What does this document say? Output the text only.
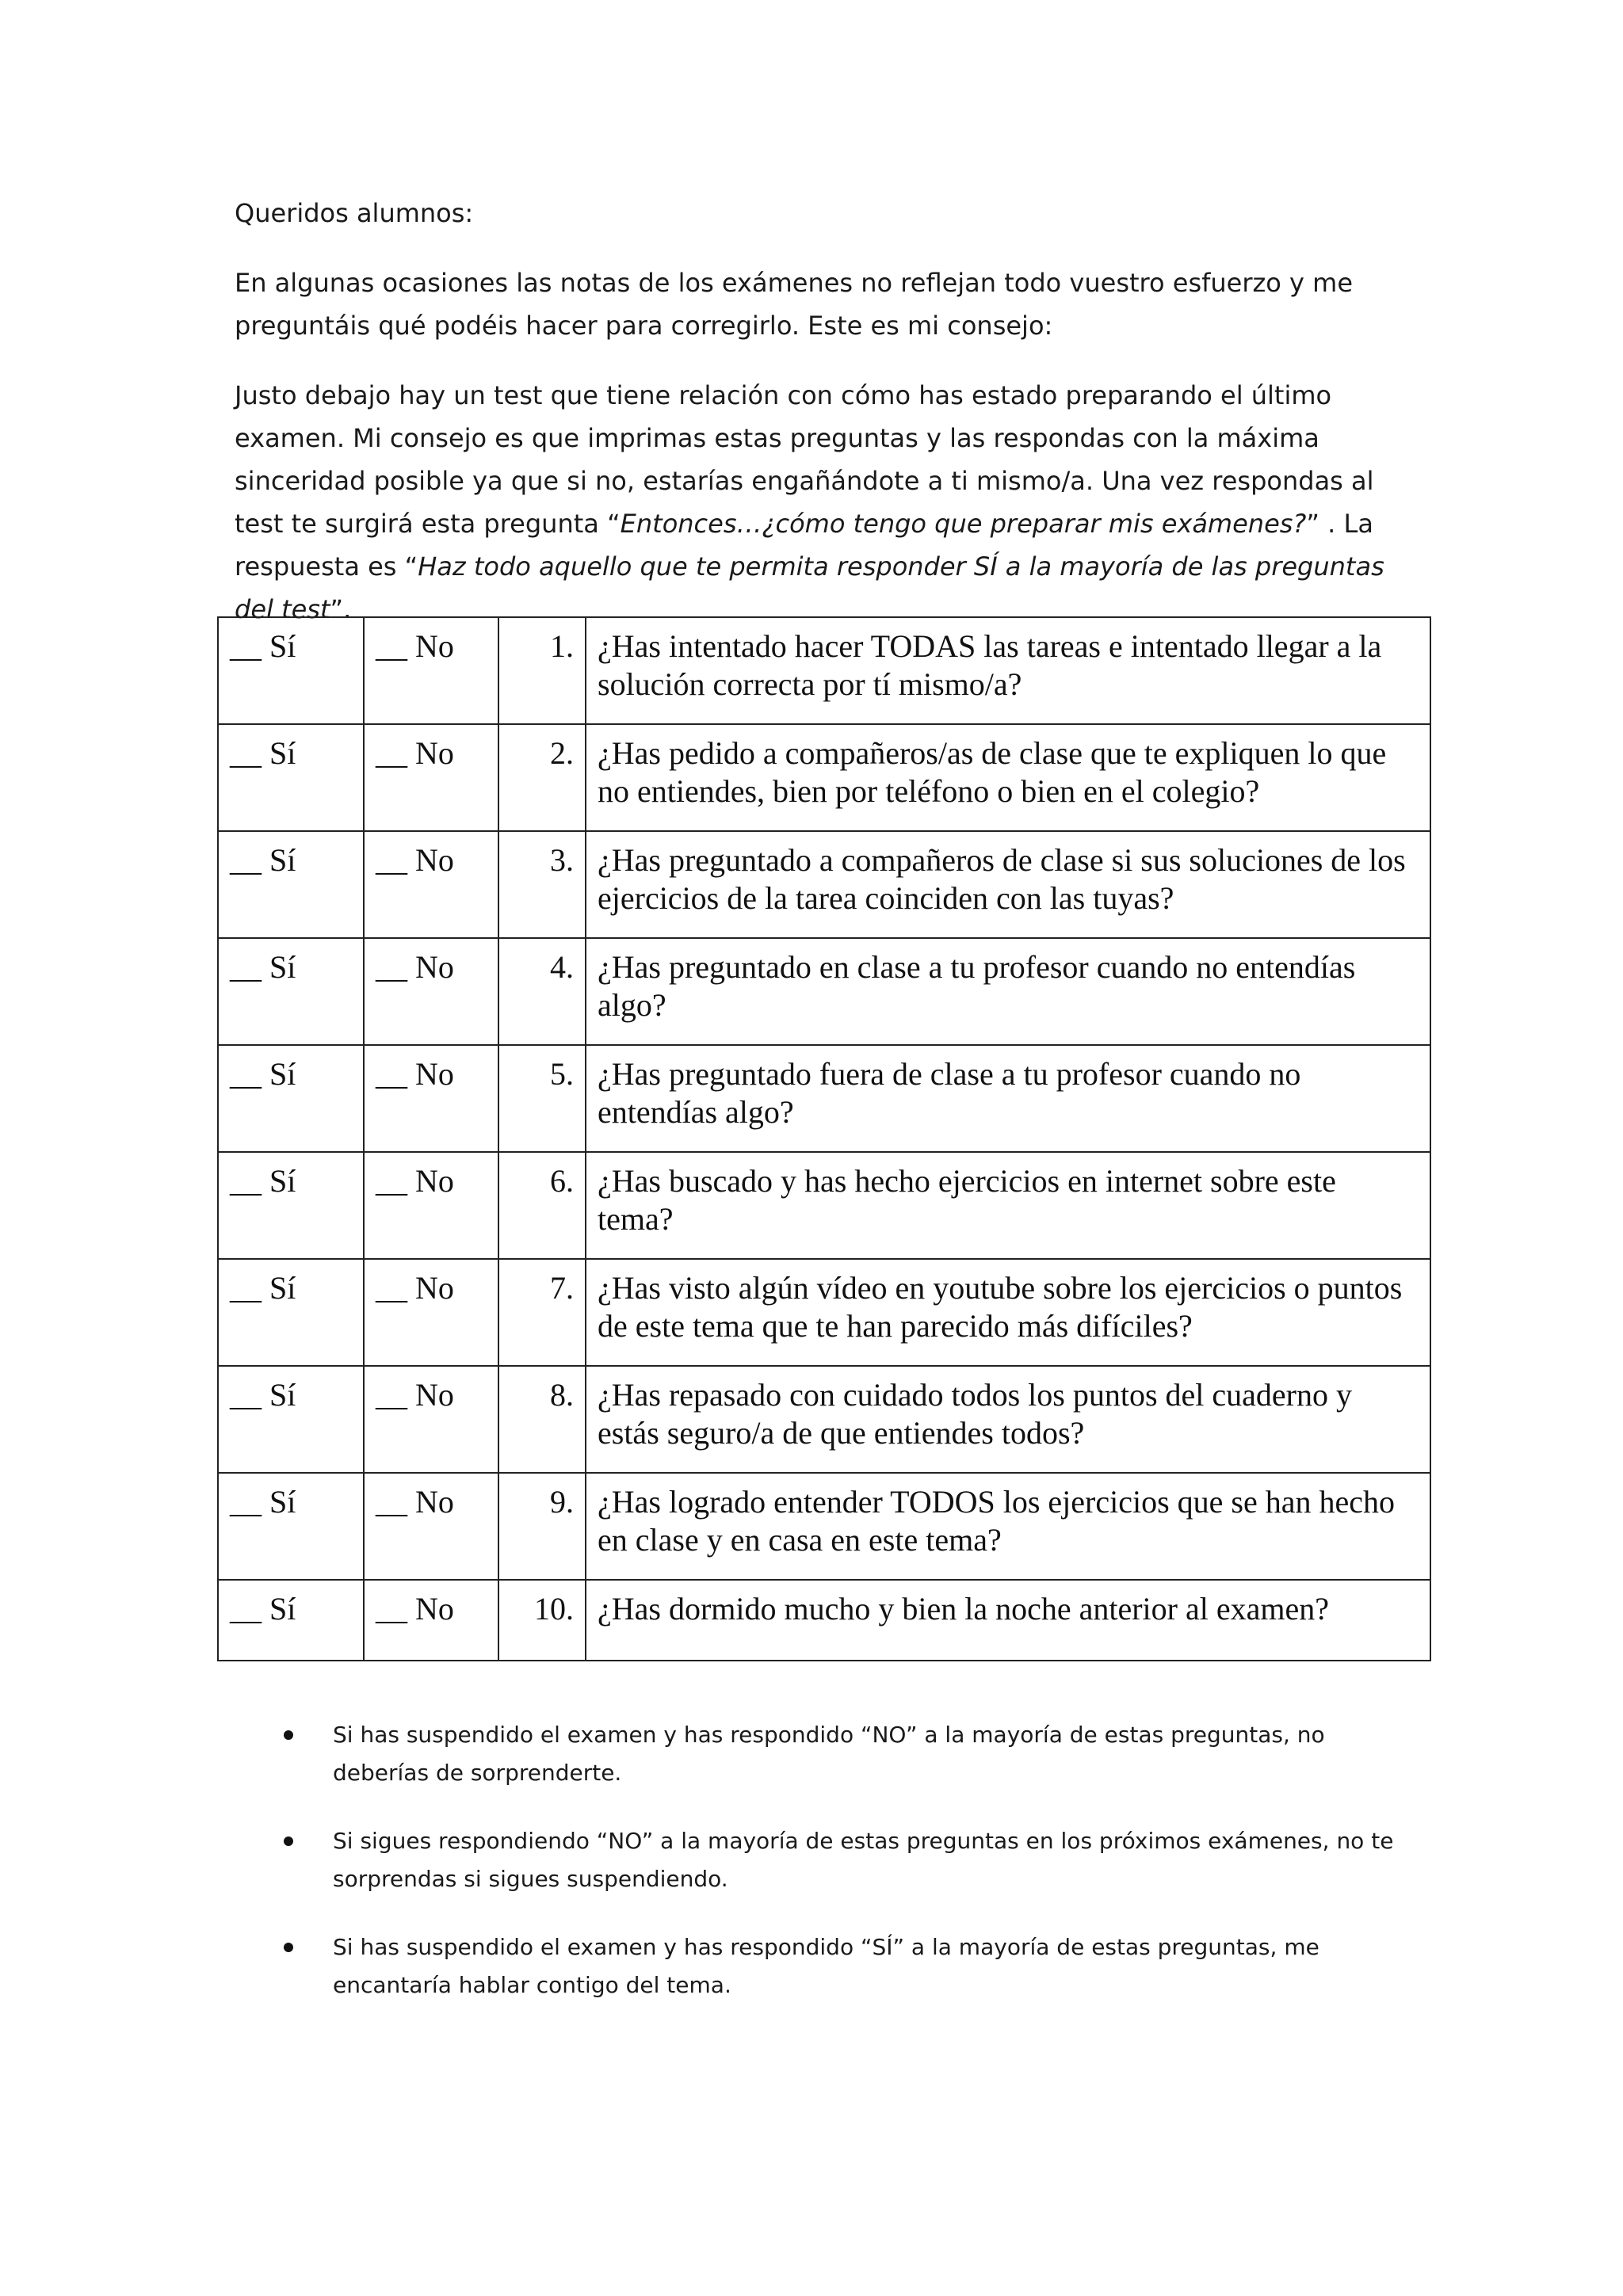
Queridos alumnos:

En algunas ocasiones las notas de los exámenes no reflejan todo vuestro esfuerzo y me preguntáis qué podéis hacer para corregirlo. Este es mi consejo:

Justo debajo hay un test que tiene relación con cómo has estado preparando el último examen. Mi consejo es que imprimas estas preguntas y las respondas con la máxima sinceridad posible ya que si no, estarías engañándote a ti mismo/a. Una vez respondas al test te surgirá esta pregunta “Entonces…¿cómo tengo que preparar mis exámenes?” . La respuesta es “Haz todo aquello que te permita responder SÍ a la mayoría de las preguntas del test”.

__ Sí	__ No	1.	¿Has intentado hacer TODAS las tareas e intentado llegar a la solución correcta por tí mismo/a?
__ Sí	__ No	2.	¿Has pedido a compañeros/as de clase que te expliquen lo que no entiendes, bien por teléfono o bien en el colegio?
__ Sí	__ No	3.	¿Has preguntado a compañeros de clase si sus soluciones de los ejercicios de la tarea coinciden con las tuyas?
__ Sí	__ No	4.	¿Has preguntado en clase a tu profesor cuando no entendías algo?
__ Sí	__ No	5.	¿Has preguntado fuera de clase a tu profesor cuando no entendías algo?
__ Sí	__ No	6.	¿Has buscado y has hecho ejercicios en internet sobre este tema?
__ Sí	__ No	7.	¿Has visto algún vídeo en youtube sobre los ejercicios o puntos de este tema que te han parecido más difíciles?
__ Sí	__ No	8.	¿Has repasado con cuidado todos los puntos del cuaderno y estás seguro/a de que entiendes todos?
__ Sí	__ No	9.	¿Has logrado entender TODOS los ejercicios que se han hecho en clase y en casa en este tema?
__ Sí	__ No	10.	¿Has dormido mucho y bien la noche anterior al examen?
Si has suspendido el examen y has respondido “NO” a la mayoría de estas preguntas, no deberías de sorprenderte.
Si sigues respondiendo “NO” a la mayoría de estas preguntas en los próximos exámenes, no te sorprendas si sigues suspendiendo.
Si has suspendido el examen y has respondido “SÍ” a la mayoría de estas preguntas, me encantaría hablar contigo del tema.
